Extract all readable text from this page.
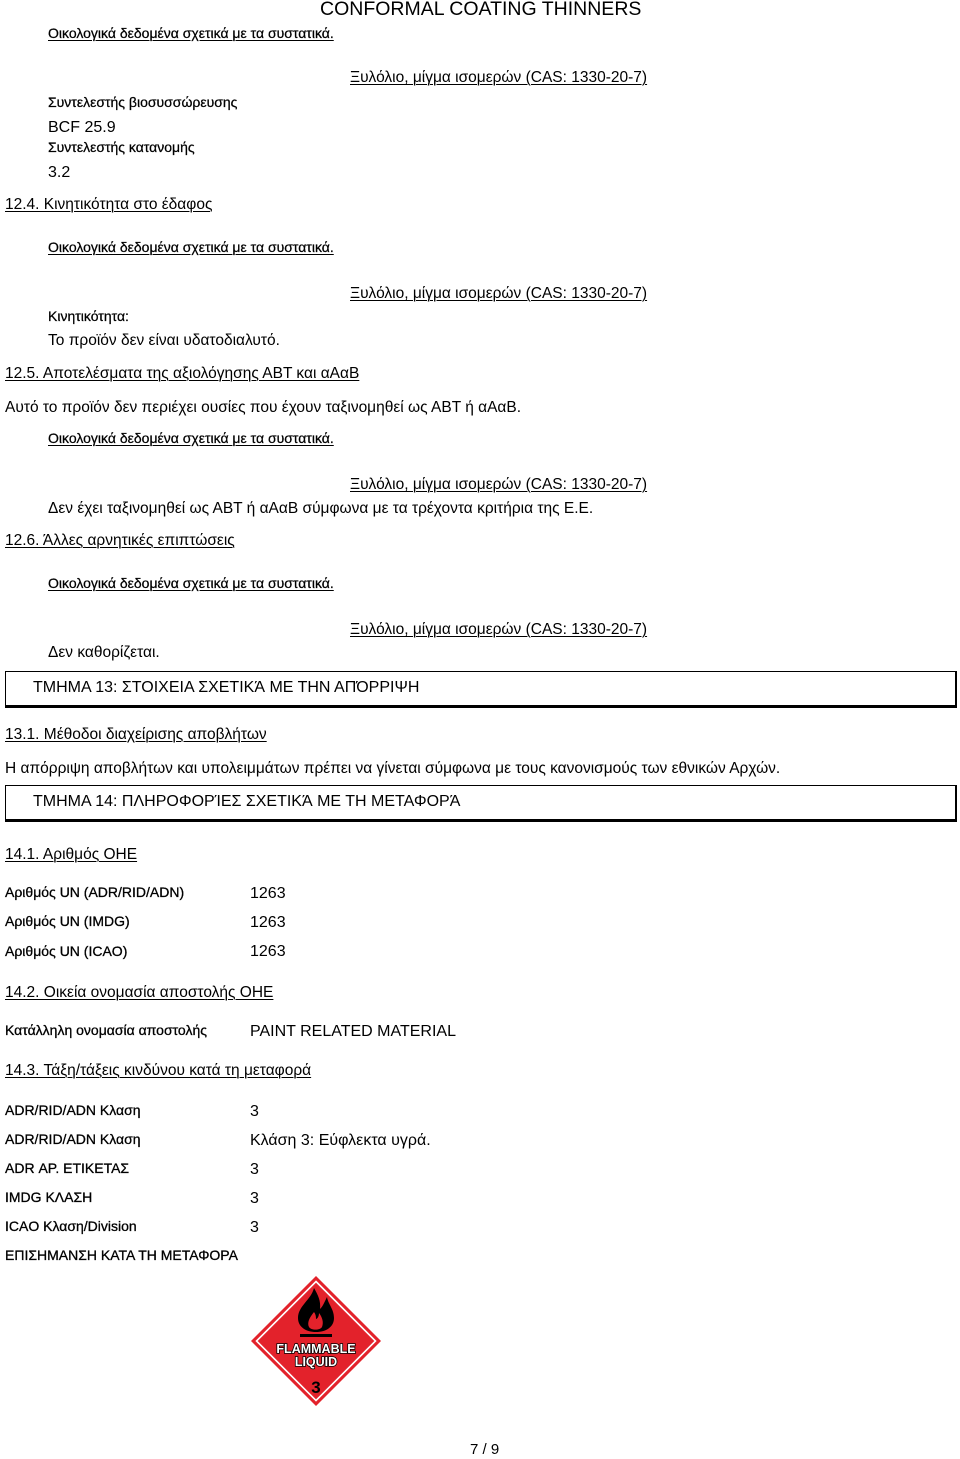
CONFORMAL COATING THINNERS
Οικολογικά δεδομένα σχετικά με τα συστατικά.
Ξυλόλιο, μίγμα ισομερών (CAS: 1330-20-7)
Συντελεστής βιοσυσσώρευσης
BCF 25.9
Συντελεστής κατανομής
3.2
12.4. Κινητικότητα στο έδαφος
Οικολογικά δεδομένα σχετικά με τα συστατικά.
Ξυλόλιο, μίγμα ισομερών (CAS: 1330-20-7)
Κινητικότητα:
Το προϊόν δεν είναι υδατοδιαλυτό.
12.5. Αποτελέσματα της αξιολόγησης ΑΒΤ και αΑαΒ
Αυτό το προϊόν δεν περιέχει ουσίες που έχουν ταξινομηθεί ως ΑΒΤ ή αΑαΒ.
Οικολογικά δεδομένα σχετικά με τα συστατικά.
Ξυλόλιο, μίγμα ισομερών (CAS: 1330-20-7)
Δεν έχει ταξινομηθεί ως ΑΒΤ ή αΑαΒ σύμφωνα με τα τρέχοντα κριτήρια της Ε.Ε.
12.6. Άλλες αρνητικές επιπτώσεις
Οικολογικά δεδομένα σχετικά με τα συστατικά.
Ξυλόλιο, μίγμα ισομερών (CAS: 1330-20-7)
Δεν καθορίζεται.
ΤΜΗΜΑ 13: ΣΤΟΙΧΕΙΑ ΣΧΕΤΙΚΆ ΜΕ ΤΗΝ ΑΠΌΡΡΙΨΗ
13.1. Μέθοδοι διαχείρισης αποβλήτων
Η απόρριψη αποβλήτων και υπολειμμάτων πρέπει να γίνεται σύμφωνα με τους κανονισμούς των εθνικών Αρχών.
ΤΜΗΜΑ 14: ΠΛΗΡΟΦΟΡΊΕΣ ΣΧΕΤΙΚΆ ΜΕ ΤΗ ΜΕΤΑΦΟΡΆ
14.1. Αριθμός ΟΗΕ
Αριθμός UN (ADR/RID/ADN)	1263
Αριθμός UN (IMDG)	1263
Αριθμός UN (ICAO)	1263
14.2. Οικεία ονομασία αποστολής ΟΗΕ
Κατάλληλη ονομασία αποστολής	PAINT RELATED MATERIAL
14.3. Τάξη/τάξεις κινδύνου κατά τη μεταφορά
ADR/RID/ADN Κλαση	3
ADR/RID/ADN Κλαση	Κλάση 3: Εύφλεκτα υγρά.
ADR ΑΡ. ΕΤΙΚΕΤΑΣ	3
IMDG ΚΛΑΣΗ	3
ICAO Κλαση/Division	3
ΕΠΙΣΗΜΑΝΣΗ ΚΑΤΑ ΤΗ ΜΕΤΑΦΟΡΑ
FLAMMABLE
LIQUID
3
7 / 9
